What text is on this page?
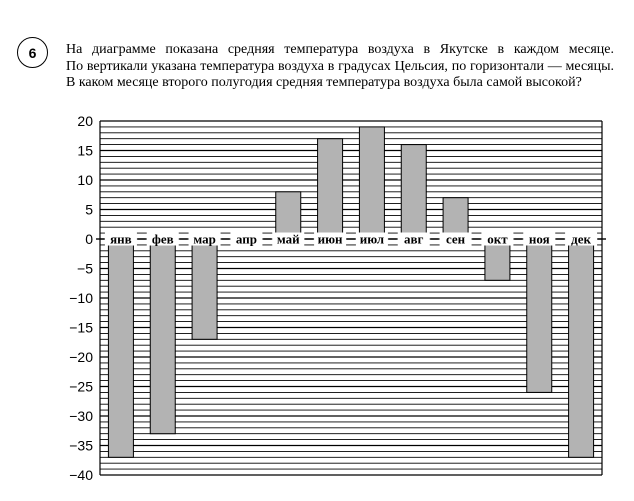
6 На диаграмме показана средняя температура воздуха в Якутске в каждом месяце.

По вертикали указана температура воздуха в градусах Цельсия, по горизонтали — месяцы.

В каком месяце второго полугодия средняя температура воздуха была самой высокой?

20
15
10
5
0
−5
−10
−15
−20
−25
−30
−35
−40
янв фев мар апр май июн июл авг сен окт ноя дек
